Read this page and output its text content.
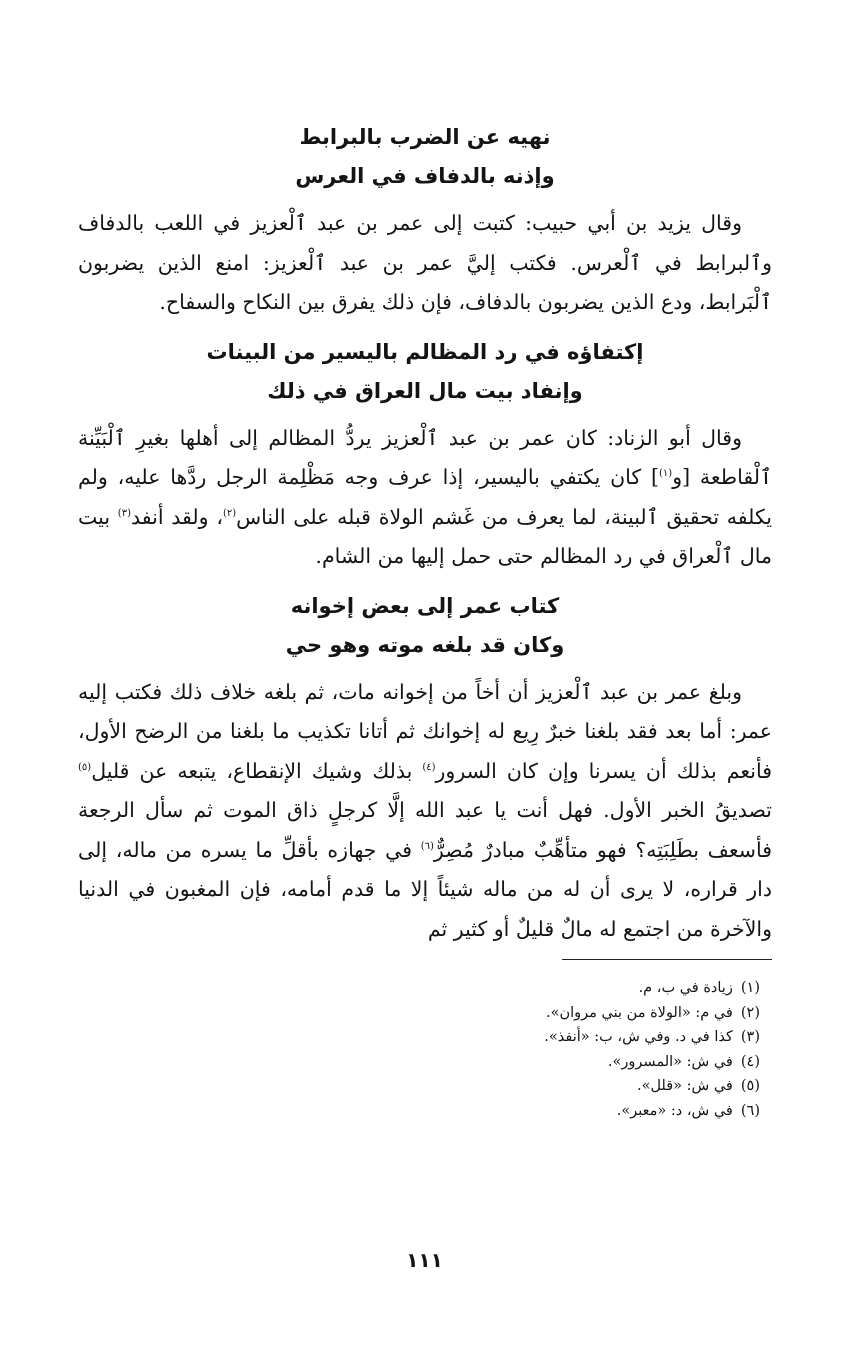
نهيه عن الضرب بالبرابط
وإذنه بالدفاف في العرس

وقال يزيد بن أبي حبيب: كتبت إلى عمر بن عبد ٱلْعزيز في اللعب بالدفاف وٱلبرابط في ٱلْعرس. فكتب إليَّ عمر بن عبد ٱلْعزيز: امنع الذين يضربون ٱلْبَرابط، ودع الذين يضربون بالدفاف، فإن ذلك يفرق بين النكاح والسفاح.

إكتفاؤه في رد المظالم باليسير من البينات
وإنفاد بيت مال العراق في ذلك

وقال أبو الزناد: كان عمر بن عبد ٱلْعزيز يردُّ المظالم إلى أهلها بغيرِ ٱلْبَيِّنة ٱلْقاطعة [و$^{(١)}$] كان يكتفي باليسير، إذا عرف وجه مَظْلِمة الرجل ردَّها عليه، ولم يكلفه تحقيق ٱلبينة، لما يعرف من غَشم الولاة قبله على الناس$^{(٢)}$، ولقد أنفد$^{(٣)}$ بيت مال ٱلْعراق في رد المظالم حتى حمل إليها من الشام.

كتاب عمر إلى بعض إخوانه
وكان قد بلغه موته وهو حي

وبلغ عمر بن عبد ٱلْعزيز أن أخاً من إخوانه مات، ثم بلغه خلاف ذلك فكتب إليه عمر: أما بعد فقد بلغنا خبرٌ رِيع له إخوانك ثم أتانا تكذيب ما بلغنا من الرضح الأول، فأنعم بذلك أن يسرنا وإن كان السرور$^{(٤)}$ بذلك وشيك الإنقطاع، يتبعه عن قليل$^{(٥)}$ تصديقُ الخبر الأول. فهل أنت يا عبد الله إلَّا كرجلٍ ذاق الموت ثم سأل الرجعة فأسعف بطَلِبَتِه؟ فهو متأهِّبٌ مبادرٌ مُصِرٌّ$^{(٦)}$ في جهازه بأقلِّ ما يسره من ماله، إلى دار قراره، لا يرى أن له من ماله شيئاً إلا ما قدم أمامه، فإن المغبون في الدنيا والآخرة من اجتمع له مالٌ قليلٌ أو كثير ثم

(١)زيادة في ب، م.
(٢)في م: «الولاة من بني مروان».
(٣)كذا في د. وفي ش، ب: «أنفذ».
(٤)في ش: «المسرور».
(٥)في ش: «قلل».
(٦)في ش، د: «معبر».
١١١
